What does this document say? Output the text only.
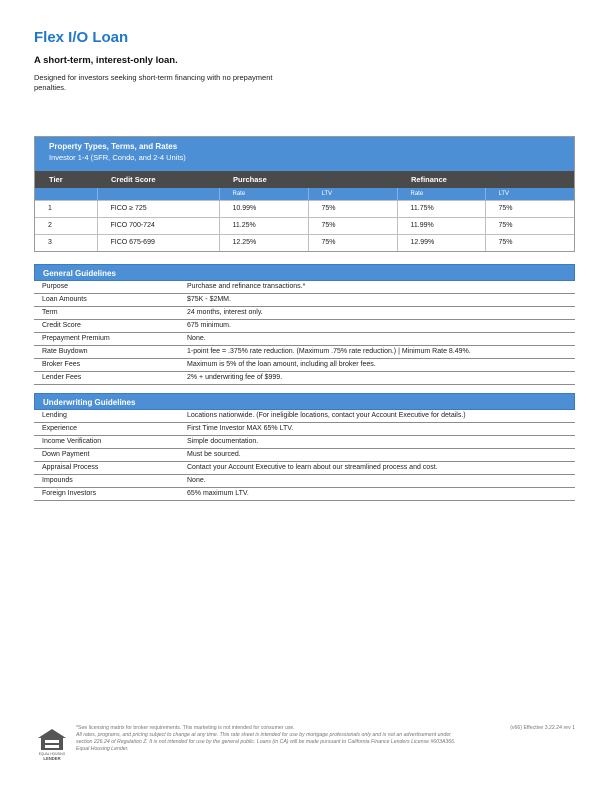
Flex I/O Loan
A short-term, interest-only loan.
Designed for investors seeking short-term financing with no prepayment penalties.
Property Types, Terms, and Rates
Investor 1-4 (SFR, Condo, and 2-4 Units)
Tier	Credit Score	Purchase		Refinance	
		Rate	LTV	Rate	LTV
1	FICO ≥ 725	10.99%	75%	11.75%	75%
2	FICO 700-724	11.25%	75%	11.99%	75%
3	FICO 675-699	12.25%	75%	12.99%	75%
General Guidelines
Purpose	Purchase and refinance transactions.*
Loan Amounts	$75K - $2MM.
Term	24 months, interest only.
Credit Score	675 minimum.
Prepayment Premium	None.
Rate Buydown	1-point fee = .375% rate reduction. (Maximum .75% rate reduction.) | Minimum Rate 8.49%.
Broker Fees	Maximum is 5% of the loan amount, including all broker fees.
Lender Fees	2% + underwriting fee of $999.
Underwriting Guidelines
Lending	Locations nationwide. (For ineligible locations, contact your Account Executive for details.)
Experience	First Time Investor MAX 65% LTV.
Income Verification	Simple documentation.
Down Payment	Must be sourced.
Appraisal Process	Contact your Account Executive to learn about our streamlined process and cost.
Impounds	None.
Foreign Investors	65% maximum LTV.
EQUAL HOUSING
LENDER
*See licensing matrix for broker requirements. This marketing is not intended for consumer use.	(v66) Effective 3.22.24 rev 1
All rates, programs, and pricing subject to change at any time. This rate sheet is intended for use by mortgage professionals only and is not an advertisement under
section 226.24 of Regulation Z. It is not intended for use by the general public. Loans (in CA) will be made pursuant to California Finance Lenders License #603A366.
Equal Housing Lender.
